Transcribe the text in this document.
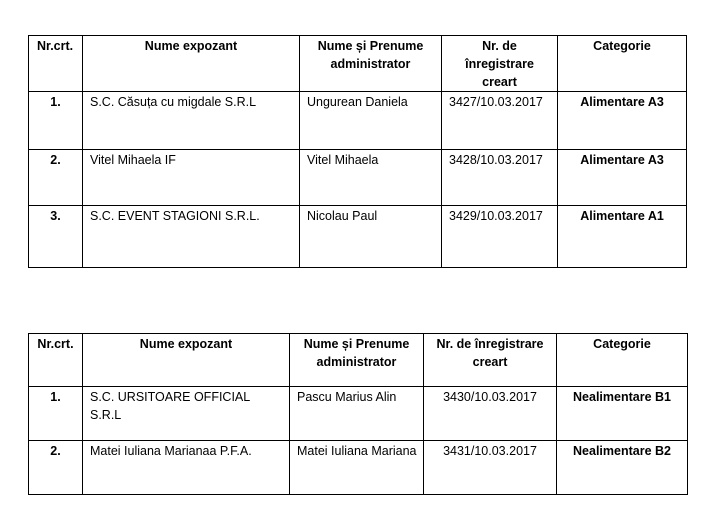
Nr.crt.	Nume expozant	Nume și Prenume administrator	Nr. de înregistrare creart	Categorie
1.	S.C. Căsuța cu migdale S.R.L	Ungurean Daniela	3427/10.03.2017	Alimentare A3
2.	Vitel Mihaela IF	Vitel Mihaela	3428/10.03.2017	Alimentare A3
3.	S.C. EVENT STAGIONI S.R.L.	Nicolau Paul	3429/10.03.2017	Alimentare A1
Nr.crt.	Nume expozant	Nume și Prenume administrator	Nr. de înregistrare creart	Categorie
1.	S.C. URSITOARE OFFICIAL S.R.L	Pascu Marius Alin	3430/10.03.2017	Nealimentare B1
2.	Matei Iuliana Marianaa P.F.A.	Matei Iuliana Mariana	3431/10.03.2017	Nealimentare B2
